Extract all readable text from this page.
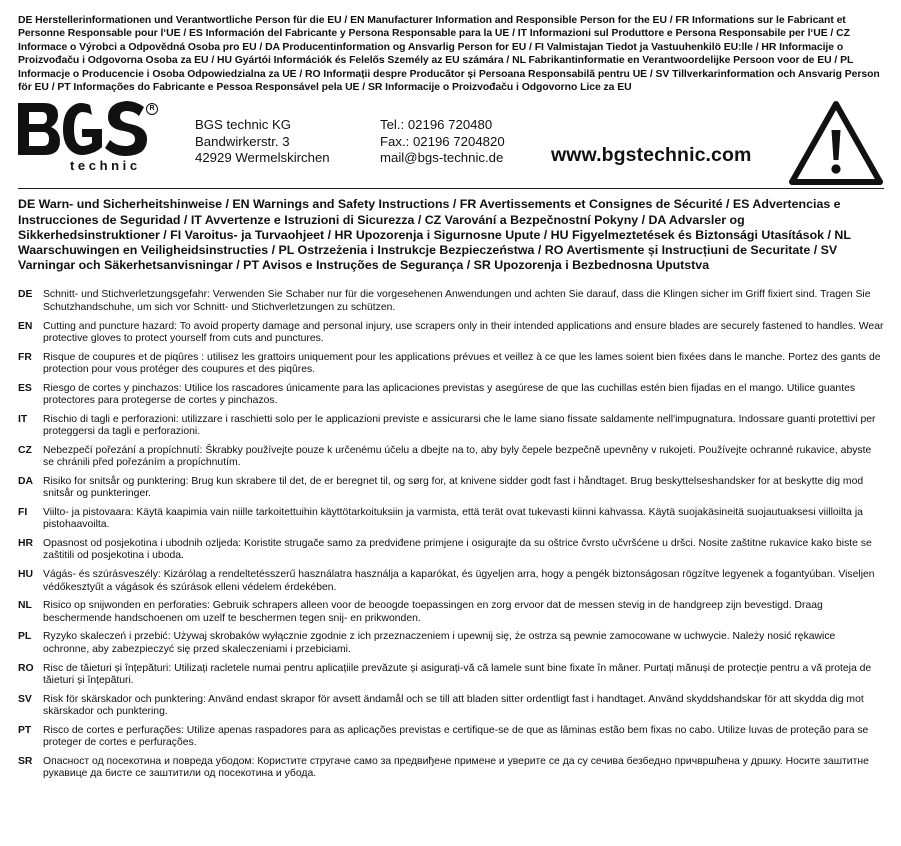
DE Herstellerinformationen und Verantwortliche Person für die EU / EN Manufacturer Information and Responsible Person for the EU / FR Informations sur le Fabricant et Personne Responsable pour l‘UE / ES Información del Fabricante y Persona Responsable para la UE / IT Informazioni sul Produttore e Persona Responsabile per l‘UE / CZ Informace o Výrobci a Odpovědná Osoba pro EU / DA Producentinformation og Ansvarlig Person for EU / FI Valmistajan Tiedot ja Vastuuhenkilö EU:lle / HR Informacije o Proizvođaču i Odgovorna Osoba za EU / HU Gyártói Információk és Felelős Személy az EU számára / NL Fabrikantinformatie en Verantwoordelijke Persoon voor de EU / PL Informacje o Producencie i Osoba Odpowiedzialna za UE / RO Informații despre Producător și Persoana Responsabilă pentru UE / SV Tillverkarinformation och Ansvarig Person för EU / PT Informações do Fabricante e Pessoa Responsável pela UE / SR Informacije o Proizvođaču i Odgovorno Lice za EU
R
technic
BGS technic KG
Bandwirkerstr. 3
42929 Wermelskirchen
Tel.: 02196 720480
Fax.: 02196 7204820
mail@bgs-technic.de www.bgstechnic.com
DE Warn- und Sicherheitshinweise / EN Warnings and Safety Instructions / FR Avertissements et Consignes de Sécurité / ES Advertencias e Instrucciones de Seguridad / IT Avvertenze e Istruzioni di Sicurezza / CZ Varování a Bezpečnostní Pokyny / DA Advarsler og Sikkerhedsinstruktioner / FI Varoitus- ja Turvaohjeet / HR Upozorenja i Sigurnosne Upute / HU Figyelmeztetések és Biztonsági Utasítások / NL Waarschuwingen en Veiligheidsinstructies / PL Ostrzeżenia i Instrukcje Bezpieczeństwa / RO Avertismente și Instrucțiuni de Securitate / SV Varningar och Säkerhetsanvisningar / PT Avisos e Instruções de Segurança / SR Upozorenja i Bezbednosna Uputstva
DE	Schnitt- und Stichverletzungsgefahr: Verwenden Sie Schaber nur für die vorgesehenen Anwendungen und achten Sie darauf, dass die Klingen sicher im Griff fixiert sind. Tragen Sie Schutzhandschuhe, um sich vor Schnitt- und Stichverletzungen zu schützen.
EN	Cutting and puncture hazard: To avoid property damage and personal injury, use scrapers only in their intended applications and ensure blades are securely fastened to handles. Wear protective gloves to protect yourself from cuts and punctures.
FR	Risque de coupures et de piqûres : utilisez les grattoirs uniquement pour les applications prévues et veillez à ce que les lames soient bien fixées dans le manche. Portez des gants de protection pour vous protéger des coupures et des piqûres.
ES	Riesgo de cortes y pinchazos: Utilice los rascadores únicamente para las aplicaciones previstas y asegúrese de que las cuchillas estén bien fijadas en el mango. Utilice guantes protectores para protegerse de cortes y pinchazos.
IT	Rischio di tagli e perforazioni: utilizzare i raschietti solo per le applicazioni previste e assicurarsi che le lame siano fissate saldamente nell'impugnatura. Indossare guanti protettivi per proteggersi da tagli e perforazioni.
CZ	Nebezpečí pořezání a propíchnutí: Škrabky používejte pouze k určenému účelu a dbejte na to, aby byly čepele bezpečně upevněny v rukojeti. Používejte ochranné rukavice, abyste se chránili před pořezáním a propíchnutím.
DA Risiko for snitsår og punktering: Brug kun skrabere til det, de er beregnet til, og sørg for, at knivene sidder godt fast i håndtaget. Brug beskyttelseshandsker for at beskytte dig mod snitsår og punkteringer.
FI	Viilto- ja pistovaara: Käytä kaapimia vain niille tarkoitettuihin käyttötarkoituksiin ja varmista, että terät ovat tukevasti kiinni kahvassa. Käytä suojakäsineitä suojautuaksesi viilloilta ja pistohaavoilta.
HR Opasnost od posjekotina i ubodnih ozljeda: Koristite strugače samo za predviđene primjene i osigurajte da su oštrice čvrsto učvršćene u dršci. Nosite zaštitne rukavice kako biste se zaštitili od posjekotina i uboda.
HU Vágás- és szúrásveszély: Kizárólag a rendeltetésszerű használatra használja a kaparókat, és ügyeljen arra, hogy a pengék biztonságosan rögzítve legyenek a fogantyúban. Viseljen védőkesztyűt a vágások és szúrások elleni védelem érdekében.
NL	Risico op snijwonden en perforaties: Gebruik schrapers alleen voor de beoogde toepassingen en zorg ervoor dat de messen stevig in de handgreep zijn bevestigd. Draag beschermende handschoenen om uzelf te beschermen tegen snij- en prikwonden.
PL	Ryzyko skaleczeń i przebić: Używaj skrobaków wyłącznie zgodnie z ich przeznaczeniem i upewnij się, że ostrza są pewnie zamocowane w uchwycie. Należy nosić rękawice ochronne, aby zabezpieczyć się przed skaleczeniami i przebiciami.
RO Risc de tăieturi și înțepături: Utilizați racletele numai pentru aplicațiile prevăzute și asigurați-vă că lamele sunt bine fixate în mâner. Purtați mănuși de protecție pentru a vă proteja de tăieturi și înțepături.
SV	Risk för skärskador och punktering: Använd endast skrapor för avsett ändamål och se till att bladen sitter ordentligt fast i handtaget. Använd skyddshandskar för att skydda dig mot skärskador och punktering.
PT	Risco de cortes e perfurações: Utilize apenas raspadores para as aplicações previstas e certifique-se de que as lâminas estão bem fixas no cabo. Utilize luvas de proteção para se proteger de cortes e perfurações.
SR	Опасност од посекотина и повреда убодом: Користите стругаче само за предвиђене примене и уверите се да су сечива безбедно причвршћена у дршку. Носите заштитне рукавице да бисте се заштитили од посекотина и убода.
